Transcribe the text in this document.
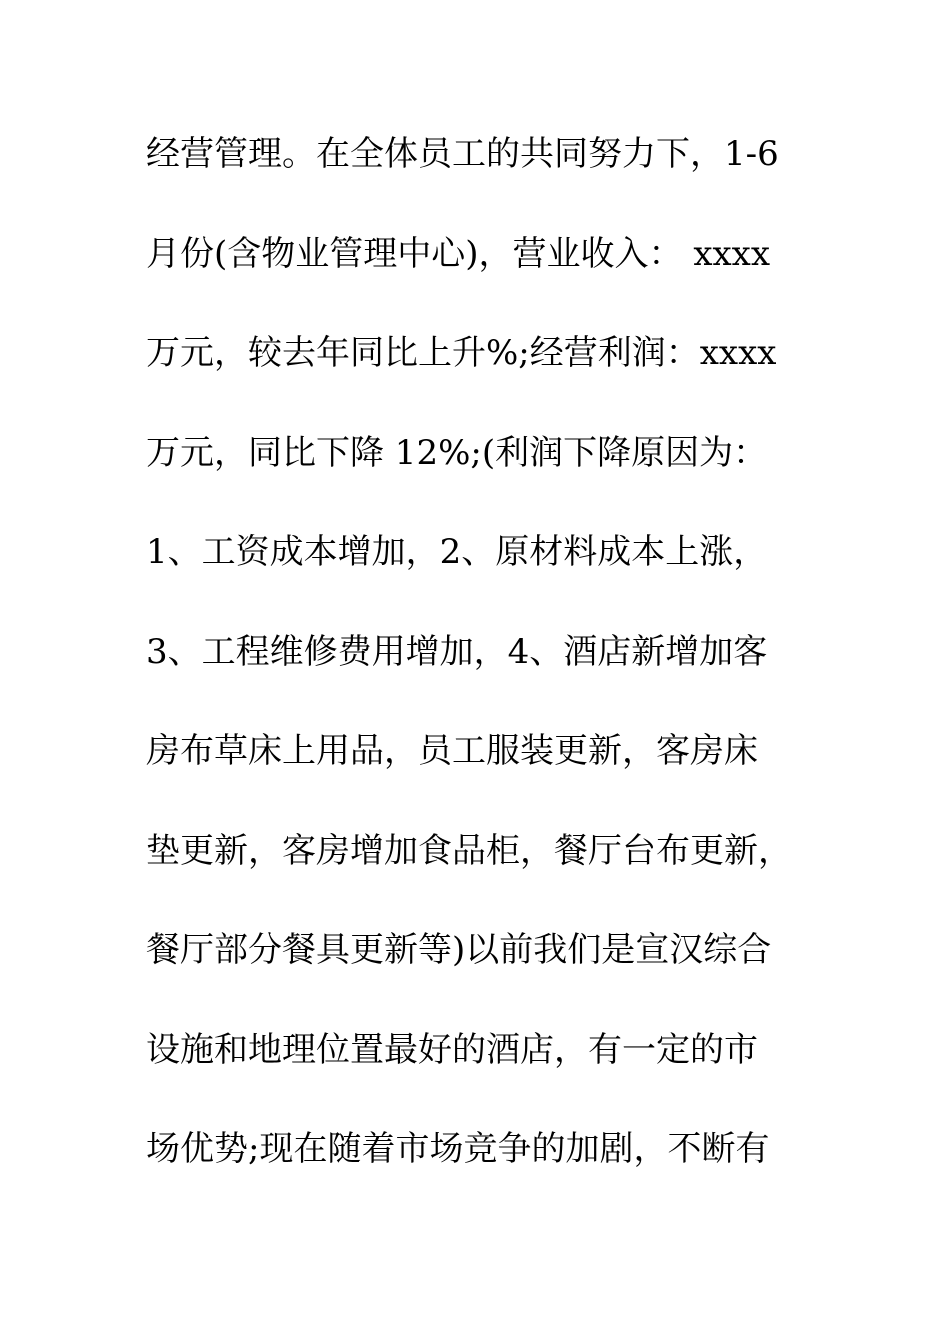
经营管理。在全体员工的共同努力下，1-6
月份(含物业管理中心)，营业收入： xxxx
万元，较去年同比上升%;经营利润：xxxx
万元，同比下降 12%;(利润下降原因为：
1、工资成本增加，2、原材料成本上涨，
3、工程维修费用增加，4、酒店新增加客
房布草床上用品，员工服装更新，客房床
垫更新，客房增加食品柜，餐厅台布更新，
餐厅部分餐具更新等)以前我们是宣汉综合
设施和地理位置最好的酒店，有一定的市
场优势;现在随着市场竞争的加剧，不断有
